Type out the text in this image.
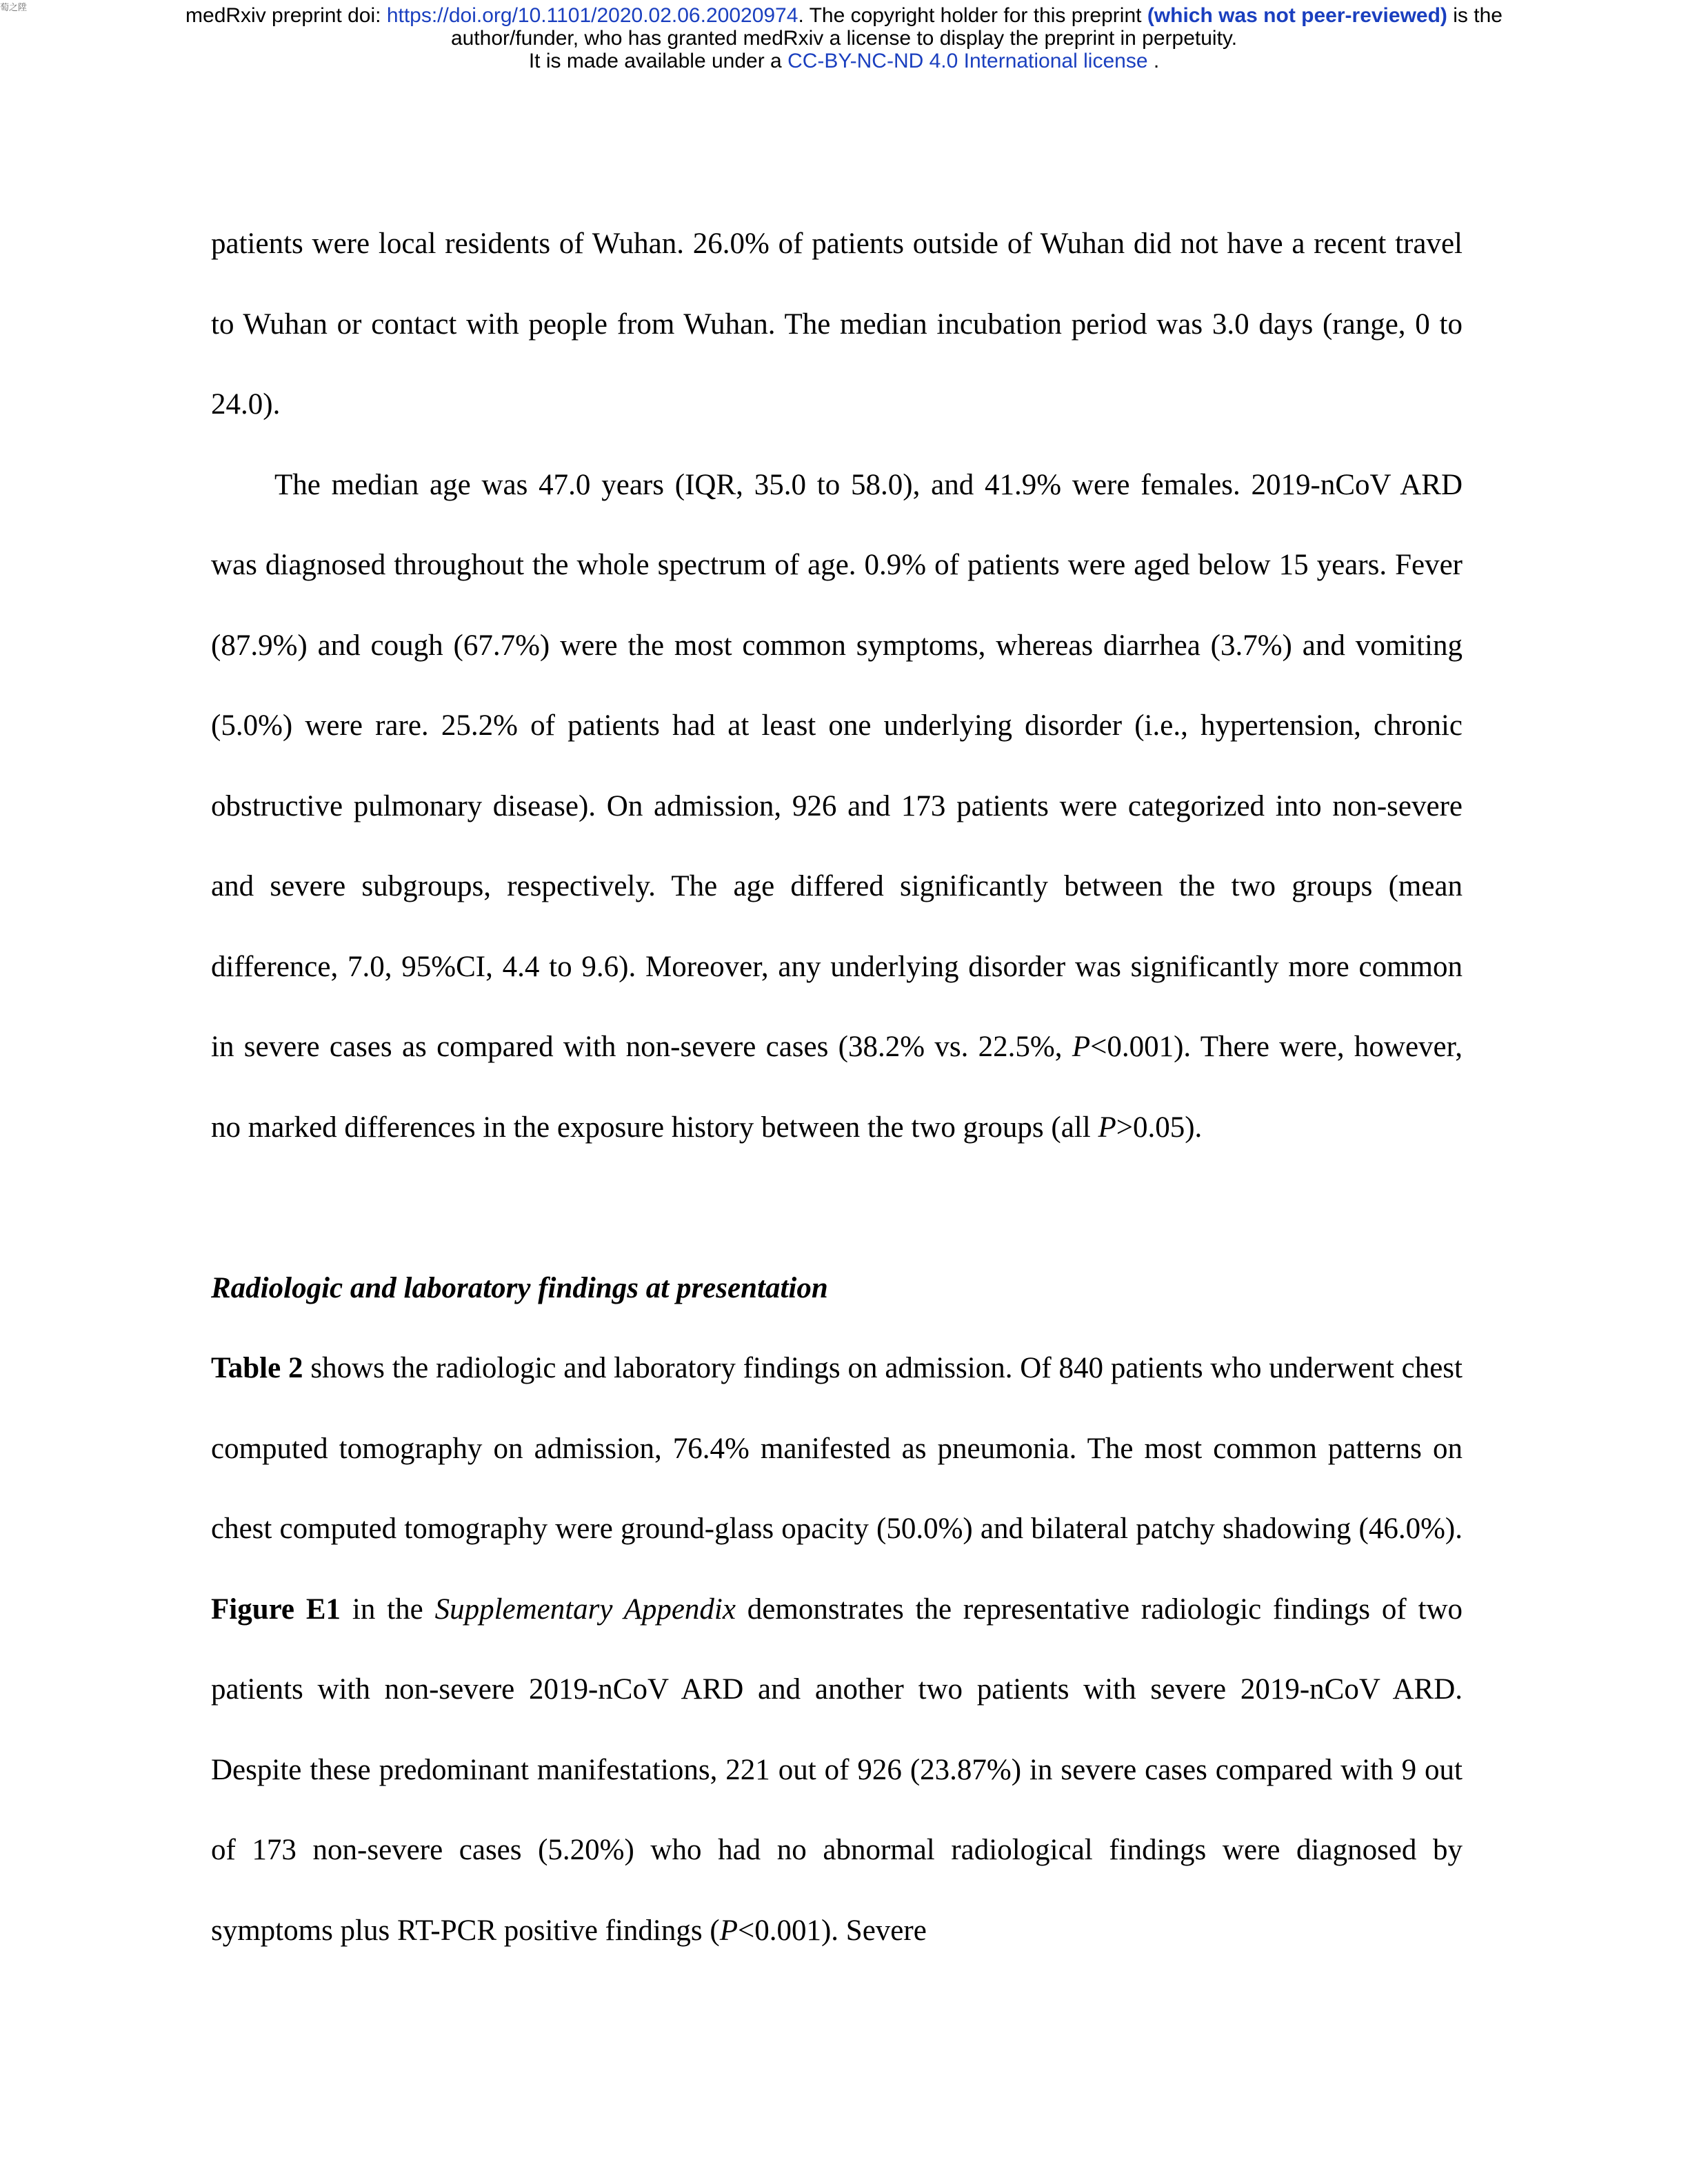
萄之陞	medRxiv preprint doi: https://doi.org/10.1101/2020.02.06.20020974. The copyright holder for this preprint (which was not peer-reviewed) is the
author/funder, who has granted medRxiv a license to display the preprint in perpetuity.
It is made available under a CC-BY-NC-ND 4.0 International license .

patients were local residents of Wuhan. 26.0% of patients outside of Wuhan did not have a recent travel to Wuhan or contact with people from Wuhan. The median incubation period was 3.0 days (range, 0 to 24.0).

The median age was 47.0 years (IQR, 35.0 to 58.0), and 41.9% were females. 2019-nCoV ARD was diagnosed throughout the whole spectrum of age. 0.9% of patients were aged below 15 years. Fever (87.9%) and cough (67.7%) were the most common symptoms, whereas diarrhea (3.7%) and vomiting (5.0%) were rare. 25.2% of patients had at least one underlying disorder (i.e., hypertension, chronic obstructive pulmonary disease). On admission, 926 and 173 patients were categorized into non-severe and severe subgroups, respectively. The age differed significantly between the two groups (mean difference, 7.0, 95%CI, 4.4 to 9.6). Moreover, any underlying disorder was significantly more common in severe cases as compared with non-severe cases (38.2% vs. 22.5%, P<0.001). There were, however, no marked differences in the exposure history between the two groups (all P>0.05).

Radiologic and laboratory findings at presentation

Table 2 shows the radiologic and laboratory findings on admission. Of 840 patients who underwent chest computed tomography on admission, 76.4% manifested as pneumonia. The most common patterns on chest computed tomography were ground-glass opacity (50.0%) and bilateral patchy shadowing (46.0%). Figure E1 in the Supplementary Appendix demonstrates the representative radiologic findings of two patients with non-severe 2019-nCoV ARD and another two patients with severe 2019-nCoV ARD. Despite these predominant manifestations, 221 out of 926 (23.87%) in severe cases compared with 9 out of 173 non-severe cases (5.20%) who had no abnormal radiological findings were diagnosed by symptoms plus RT-PCR positive findings (P<0.001). Severe
